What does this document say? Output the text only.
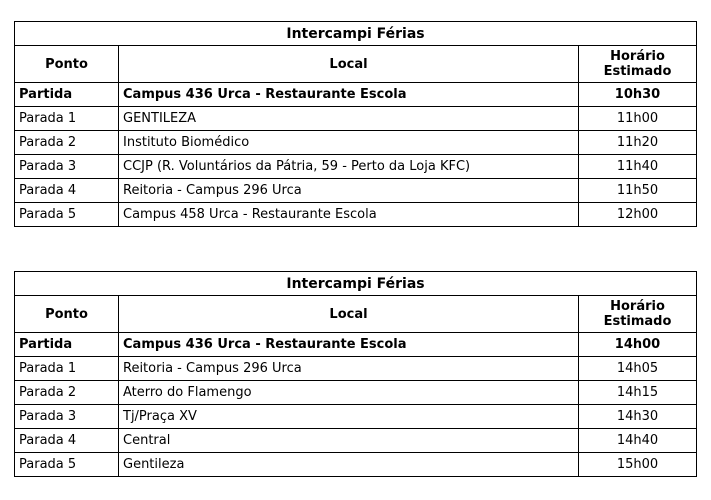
Intercampi Férias		
Ponto	Local	Horário
Estimado
Partida	Campus 436 Urca - Restaurante Escola	10h30
Parada 1	GENTILEZA	11h00
Parada 2	Instituto Biomédico	11h20
Parada 3	CCJP (R. Voluntários da Pátria, 59 - Perto da Loja KFC)	11h40
Parada 4	Reitoria - Campus 296 Urca	11h50
Parada 5	Campus 458 Urca - Restaurante Escola	12h00
Intercampi Férias		
Ponto	Local	Horário
Estimado
Partida	Campus 436 Urca - Restaurante Escola	14h00
Parada 1	Reitoria - Campus 296 Urca	14h05
Parada 2	Aterro do Flamengo	14h15
Parada 3	Tj/Praça XV	14h30
Parada 4	Central	14h40
Parada 5	Gentileza	15h00
